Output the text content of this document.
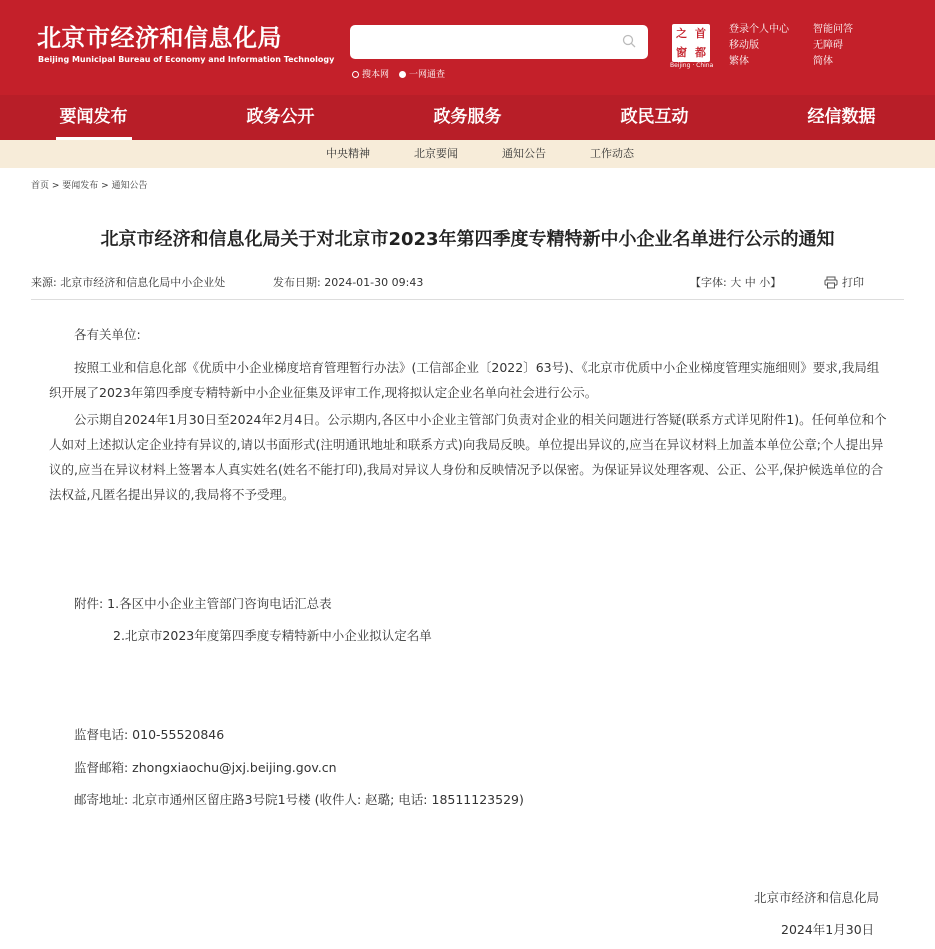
北京市经济和信息化局
Beijing Municipal Bureau of Economy and Information Technology
搜本网	一网通查
之 首
窗 都
Beijing · China
登录个人中心
移动版
繁体
智能问答
无障碍
简体
要闻发布	政务公开	政务服务	政民互动	经信数据
中央精神	北京要闻	通知公告	工作动态
首页 > 要闻发布 > 通知公告
北京市经济和信息化局关于对北京市2023年第四季度专精特新中小企业名单进行公示的通知
来源: 北京市经济和信息化局中小企业处	发布日期: 2024-01-30 09:43	【字体: 大 中 小】	打印
各有关单位:
按照工业和信息化部《优质中小企业梯度培育管理暂行办法》(工信部企业〔2022〕63号)、《北京市优质中小企业梯度管理实施细则》要求,我局组织开展了2023年第四季度专精特新中小企业征集及评审工作,现将拟认定企业名单向社会进行公示。
公示期自2024年1月30日至2024年2月4日。公示期内,各区中小企业主管部门负责对企业的相关问题进行答疑(联系方式详见附件1)。任何单位和个人如对上述拟认定企业持有异议的,请以书面形式(注明通讯地址和联系方式)向我局反映。单位提出异议的,应当在异议材料上加盖本单位公章;个人提出异议的,应当在异议材料上签署本人真实姓名(姓名不能打印),我局对异议人身份和反映情况予以保密。为保证异议处理客观、公正、公平,保护候选单位的合法权益,凡匿名提出异议的,我局将不予受理。
附件: 1.各区中小企业主管部门咨询电话汇总表
2.北京市2023年度第四季度专精特新中小企业拟认定名单
监督电话: 010-55520846
监督邮箱: zhongxiaochu@jxj.beijing.gov.cn
邮寄地址: 北京市通州区留庄路3号院1号楼 (收件人: 赵璐; 电话: 18511123529)
北京市经济和信息化局
2024年1月30日
